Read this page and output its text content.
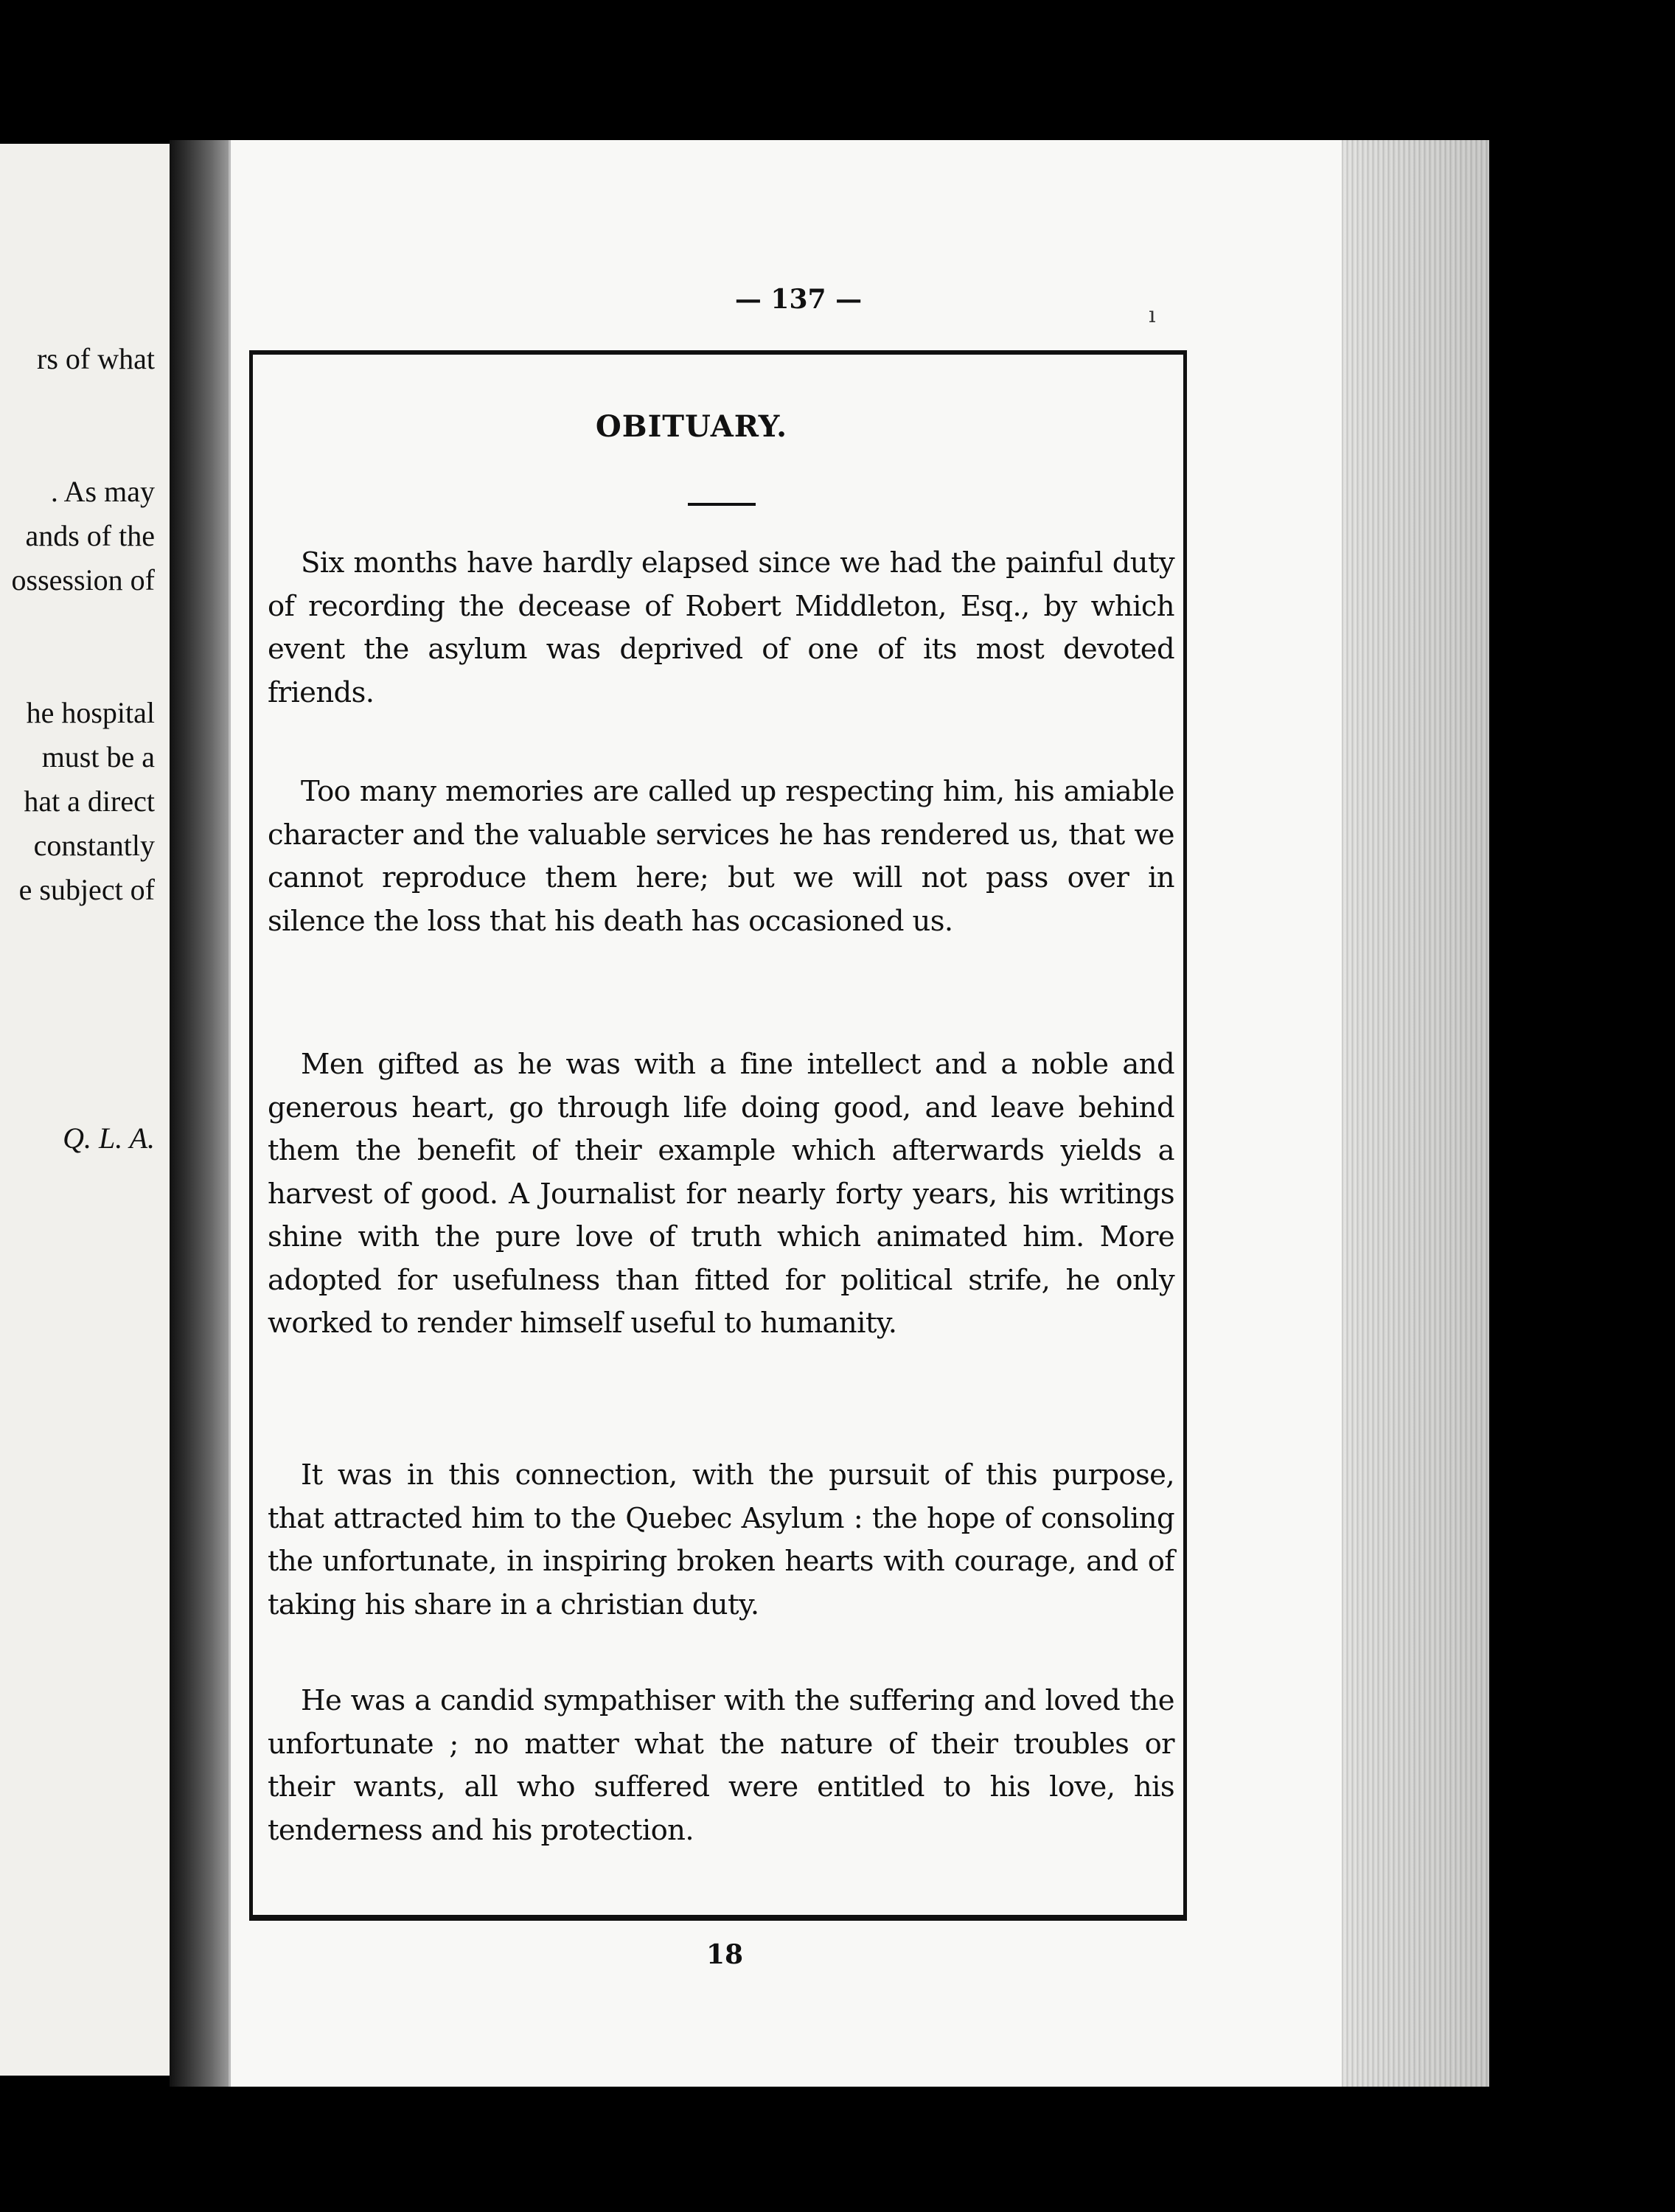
rs of what
. As may
ands of the
ossession of
he hospital
must be a
hat a direct
constantly
e subject of
Q. L. A.
— 137 —
ı
OBITUARY.

Six months have hardly elapsed since we had the painful duty of recording the decease of Robert Middleton, Esq., by which event the asylum was deprived of one of its most devoted friends.

Too many memories are called up respecting him, his amiable character and the valuable services he has rendered us, that we cannot reproduce them here; but we will not pass over in silence the loss that his death has occasioned us.

Men gifted as he was with a fine intellect and a noble and generous heart, go through life doing good, and leave behind them the benefit of their example which afterwards yields a harvest of good. A Journalist for nearly forty years, his writings shine with the pure love of truth which animated him. More adopted for usefulness than fitted for political strife, he only worked to render himself useful to humanity.

It was in this connection, with the pursuit of this purpose, that attracted him to the Quebec Asylum : the hope of consoling the unfortunate, in inspiring broken hearts with courage, and of taking his share in a christian duty.

He was a candid sympathiser with the suffering and loved the unfortunate ; no matter what the nature of their troubles or their wants, all who suffered were entitled to his love, his tenderness and his protection.

18
